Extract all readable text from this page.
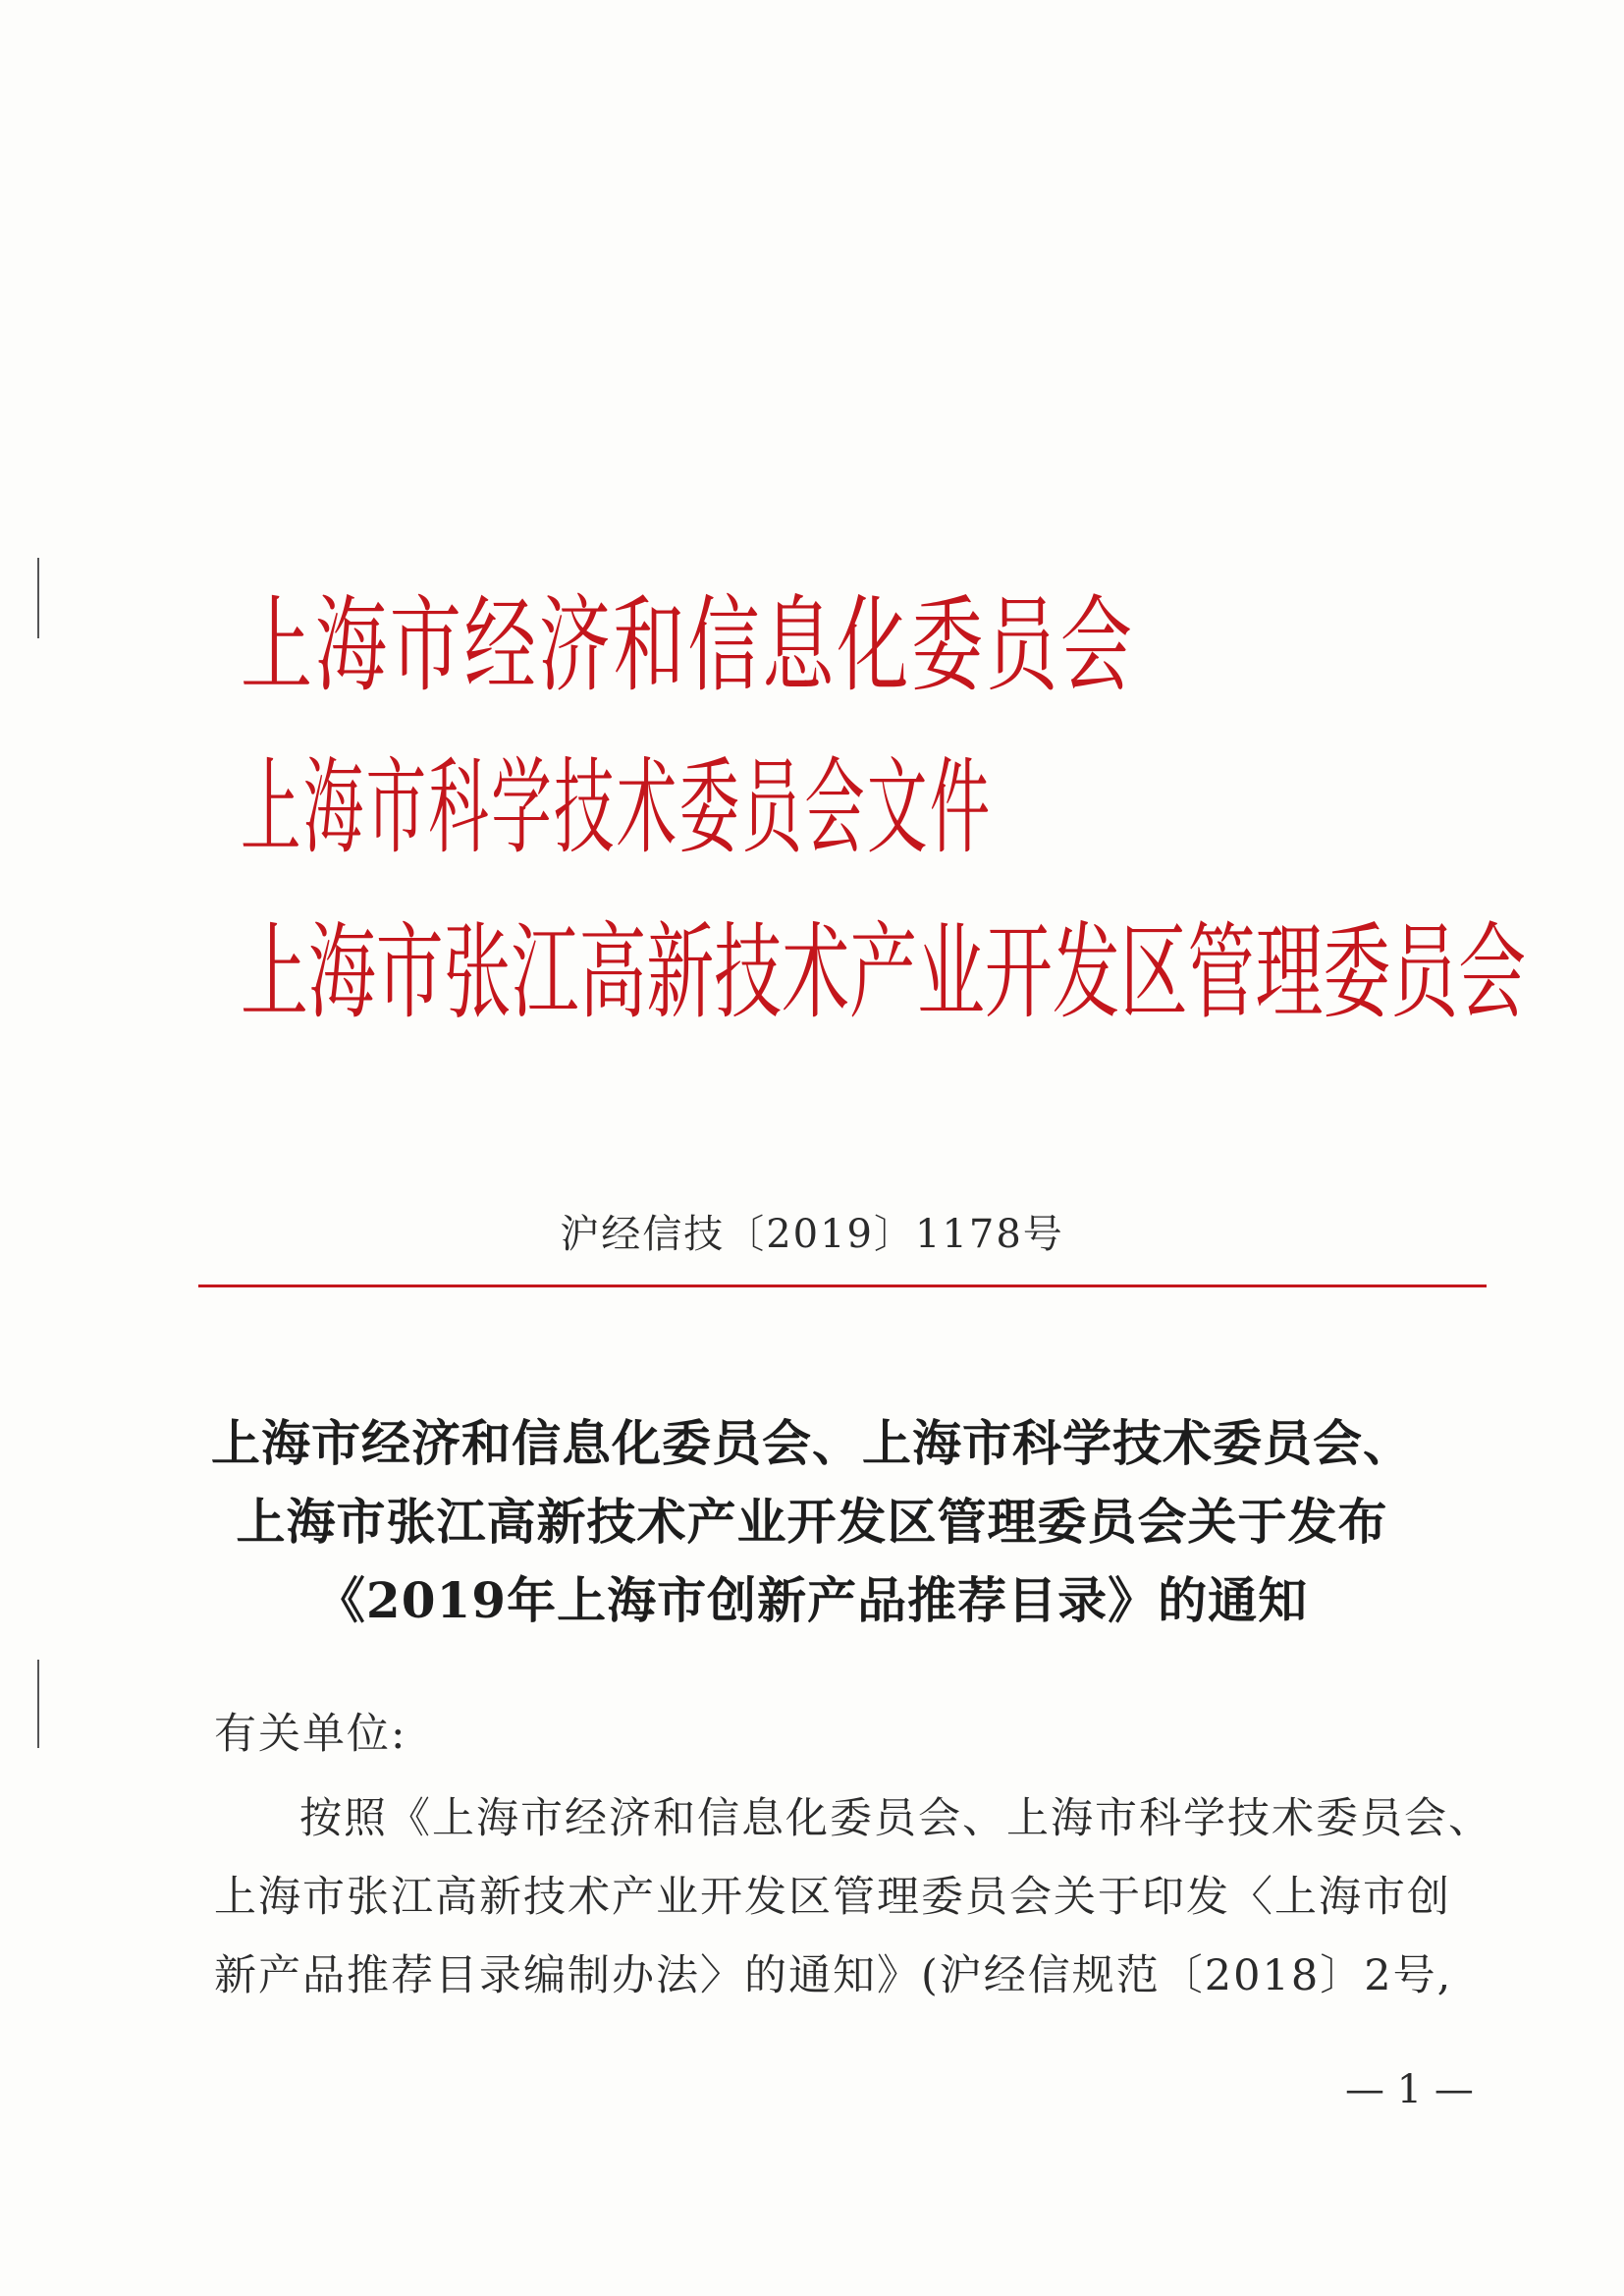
上海市经济和信息化委员会
上海市科学技术委员会文件
上海市张江高新技术产业开发区管理委员会
沪经信技〔2019〕1178号
上海市经济和信息化委员会、上海市科学技术委员会、
上海市张江高新技术产业开发区管理委员会关于发布
《2019年上海市创新产品推荐目录》的通知
有关单位:
按照《上海市经济和信息化委员会、上海市科学技术委员会、
上海市张江高新技术产业开发区管理委员会关于印发〈上海市创
新产品推荐目录编制办法〉的通知》(沪经信规范〔2018〕2号,
— 1 —
